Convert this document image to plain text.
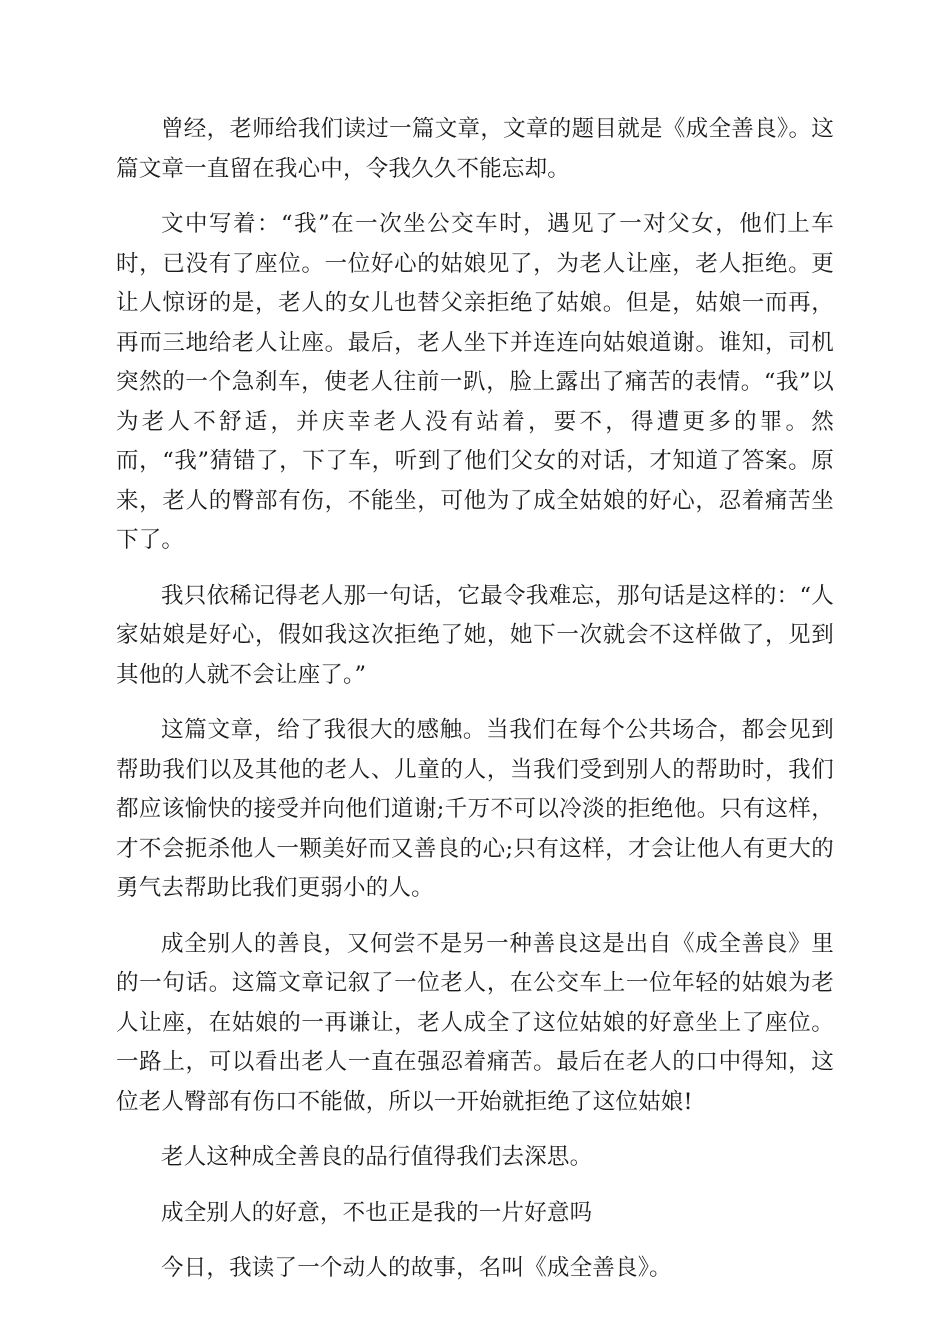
曾经，老师给我们读过一篇文章，文章的题目就是《成全善良》。这篇文章一直留在我心中，令我久久不能忘却。

文中写着：“我”在一次坐公交车时，遇见了一对父女，他们上车时，已没有了座位。一位好心的姑娘见了，为老人让座，老人拒绝。更让人惊讶的是，老人的女儿也替父亲拒绝了姑娘。但是，姑娘一而再，再而三地给老人让座。最后，老人坐下并连连向姑娘道谢。谁知，司机突然的一个急刹车，使老人往前一趴，脸上露出了痛苦的表情。“我”以为老人不舒适，并庆幸老人没有站着，要不，得遭更多的罪。然而，“我”猜错了，下了车，听到了他们父女的对话，才知道了答案。原来，老人的臀部有伤，不能坐，可他为了成全姑娘的好心，忍着痛苦坐下了。

我只依稀记得老人那一句话，它最令我难忘，那句话是这样的：“人家姑娘是好心，假如我这次拒绝了她，她下一次就会不这样做了，见到其他的人就不会让座了。”

这篇文章，给了我很大的感触。当我们在每个公共场合，都会见到帮助我们以及其他的老人、儿童的人，当我们受到别人的帮助时，我们都应该愉快的接受并向他们道谢;千万不可以冷淡的拒绝他。只有这样，才不会扼杀他人一颗美好而又善良的心;只有这样，才会让他人有更大的勇气去帮助比我们更弱小的人。

成全别人的善良，又何尝不是另一种善良这是出自《成全善良》里的一句话。这篇文章记叙了一位老人，在公交车上一位年轻的姑娘为老人让座，在姑娘的一再谦让，老人成全了这位姑娘的好意坐上了座位。一路上，可以看出老人一直在强忍着痛苦。最后在老人的口中得知，这位老人臀部有伤口不能做，所以一开始就拒绝了这位姑娘!

老人这种成全善良的品行值得我们去深思。

成全别人的好意，不也正是我的一片好意吗

今日，我读了一个动人的故事，名叫《成全善良》。
